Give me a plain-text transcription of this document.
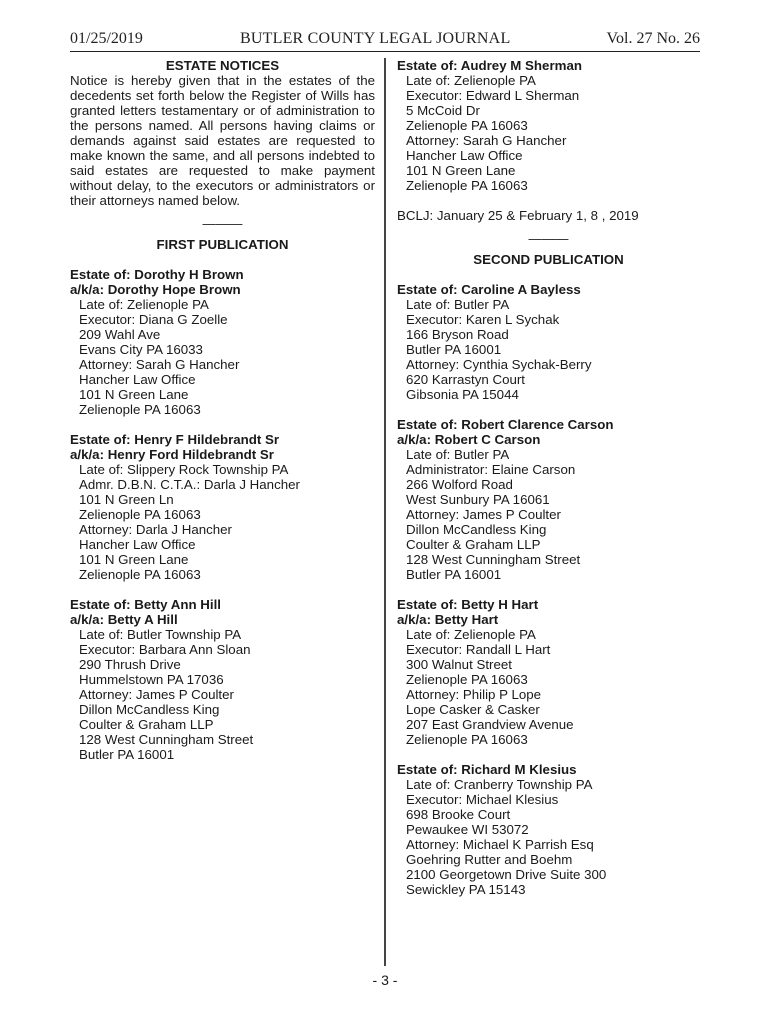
01/25/2019	BUTLER COUNTY LEGAL JOURNAL	Vol. 27 No. 26
ESTATE NOTICES
Notice is hereby given that in the estates of the decedents set forth below the Register of Wills has granted letters testamentary or of administration to the persons named. All persons having claims or demands against said estates are requested to make known the same, and all persons indebted to said estates are requested to make payment without delay, to the executors or administrators or their attorneys named below.
———
FIRST PUBLICATION
Estate of: Dorothy H Brown
a/k/a: Dorothy Hope Brown
Late of: Zelienople PA
Executor: Diana G Zoelle
209 Wahl Ave
Evans City PA 16033
Attorney: Sarah G Hancher
Hancher Law Office
101 N Green Lane
Zelienople PA 16063
Estate of: Henry F Hildebrandt Sr
a/k/a: Henry Ford Hildebrandt Sr
Late of: Slippery Rock Township PA
Admr. D.B.N. C.T.A.: Darla J Hancher
101 N Green Ln
Zelienople PA 16063
Attorney: Darla J Hancher
Hancher Law Office
101 N Green Lane
Zelienople PA 16063
Estate of: Betty Ann Hill
a/k/a: Betty A Hill
Late of: Butler Township PA
Executor: Barbara Ann Sloan
290 Thrush Drive
Hummelstown PA 17036
Attorney: James P Coulter
Dillon McCandless King
Coulter & Graham LLP
128 West Cunningham Street
Butler PA 16001
Estate of: Audrey M Sherman
Late of: Zelienople PA
Executor: Edward L Sherman
5 McCoid Dr
Zelienople PA 16063
Attorney: Sarah G Hancher
Hancher Law Office
101 N Green Lane
Zelienople PA 16063
BCLJ: January 25 & February 1, 8 , 2019
———
SECOND PUBLICATION
Estate of: Caroline A Bayless
Late of: Butler PA
Executor: Karen L Sychak
166 Bryson Road
Butler PA 16001
Attorney: Cynthia Sychak-Berry
620 Karrastyn Court
Gibsonia PA 15044
Estate of: Robert Clarence Carson
a/k/a: Robert C Carson
Late of: Butler PA
Administrator: Elaine Carson
266 Wolford Road
West Sunbury PA 16061
Attorney: James P Coulter
Dillon McCandless King
Coulter & Graham LLP
128 West Cunningham Street
Butler PA 16001
Estate of: Betty H Hart
a/k/a: Betty Hart
Late of: Zelienople PA
Executor: Randall L Hart
300 Walnut Street
Zelienople PA 16063
Attorney: Philip P Lope
Lope Casker & Casker
207 East Grandview Avenue
Zelienople PA 16063
Estate of: Richard M Klesius
Late of: Cranberry Township PA
Executor: Michael Klesius
698 Brooke Court
Pewaukee WI 53072
Attorney: Michael K Parrish Esq
Goehring Rutter and Boehm
2100 Georgetown Drive Suite 300
Sewickley PA 15143
- 3 -
